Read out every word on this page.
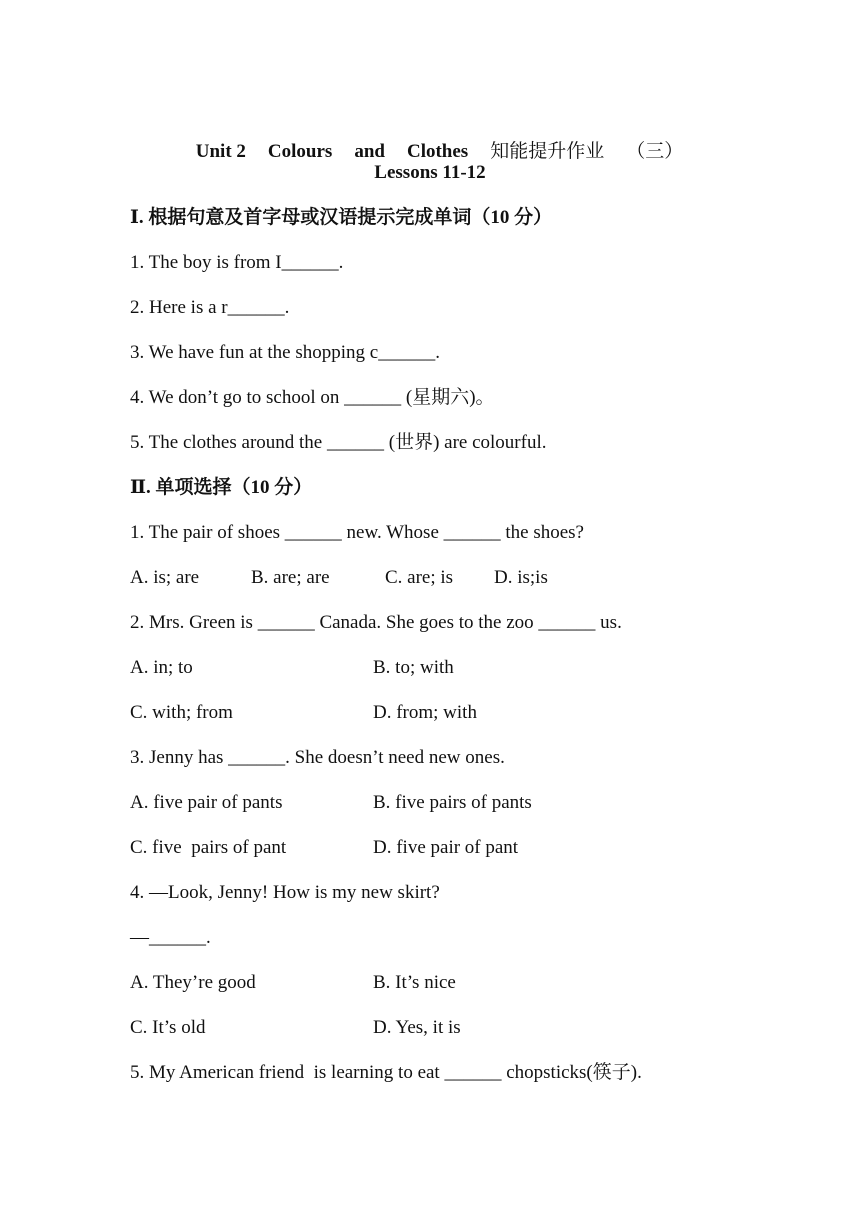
Unit 2 Colours and Clothes 知能提升作业 （三）

Lessons 11-12
Ⅰ. 根据句意及首字母或汉语提示完成单词（10 分）
1. The boy is from I______.
2. Here is a r______.
3. We have fun at the shopping c______.
4. We don’t go to school on ______ (星期六)。
5. The clothes around the ______ (世界) are colourful.
Ⅱ. 单项选择（10 分）
1. The pair of shoes ______ new. Whose ______ the shoes?
A. is; are	B. are; are	C. are; is D. is;is
2. Mrs. Green is ______ Canada. She goes to the zoo ______ us.
A. in; to	B. to; with
C. with; from	D. from; with
3. Jenny has ______. She doesn’t need new ones.
A. five pair of pants	B. five pairs of pants
C. five  pairs of pant	D. five pair of pant
4. —Look, Jenny! How is my new skirt?
—______.
A. They’re good	B. It’s nice
C. It’s old	D. Yes, it is
5. My American friend  is learning to eat ______ chopsticks(筷子).
